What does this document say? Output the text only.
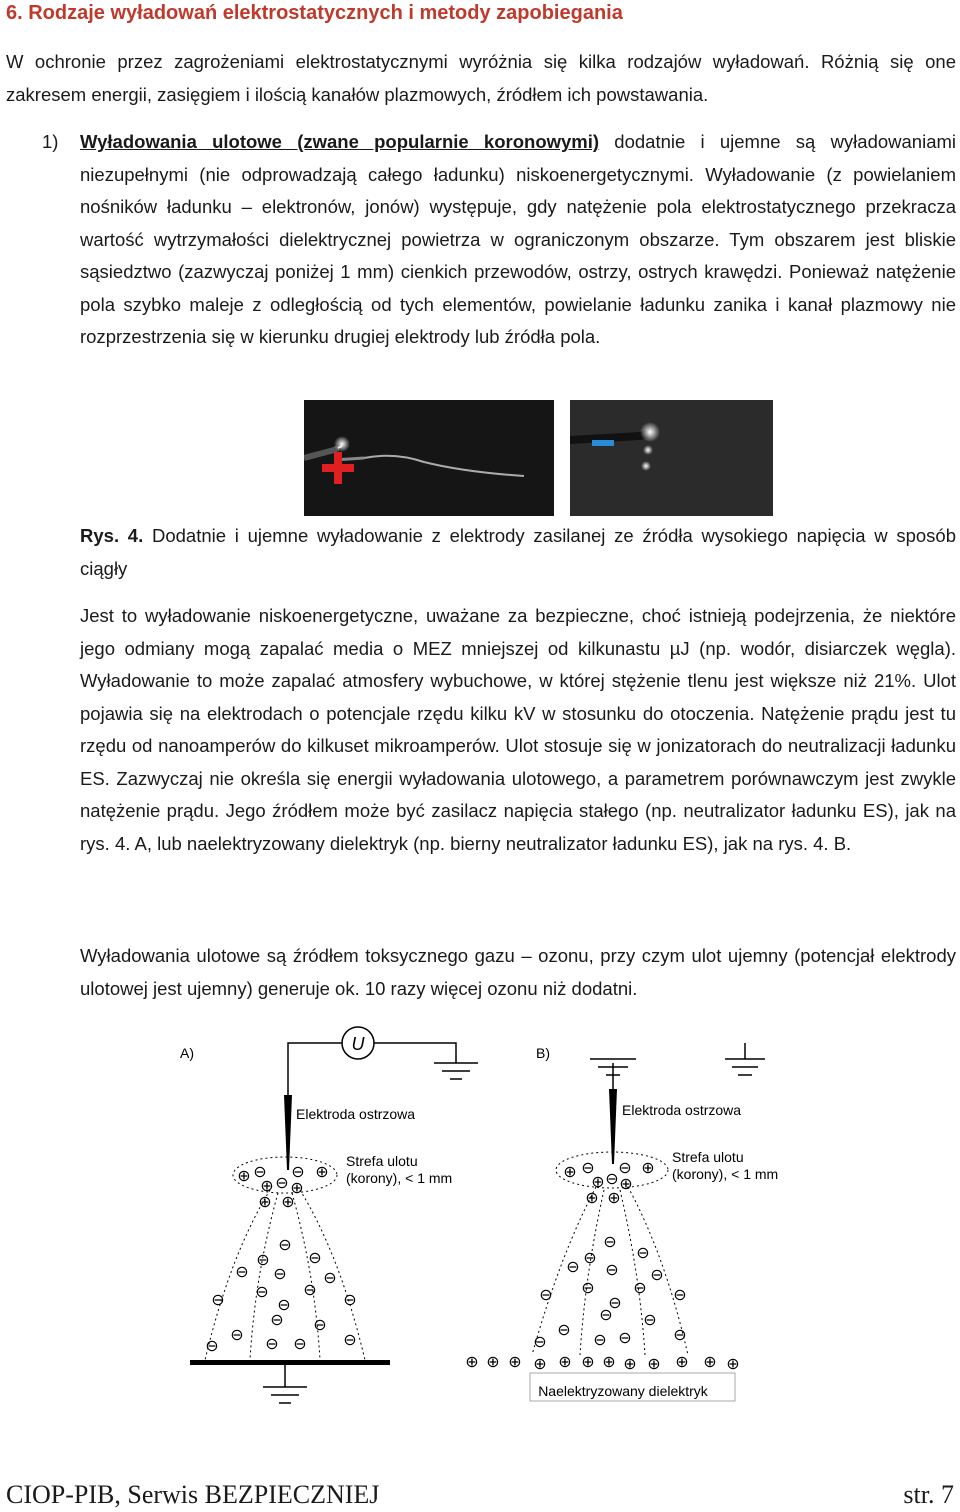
6. Rodzaje wyładowań elektrostatycznych i metody zapobiegania
W ochronie przez zagrożeniami elektrostatycznymi wyróżnia się kilka rodzajów wyładowań. Różnią się one zakresem energii, zasięgiem i ilością kanałów plazmowych, źródłem ich powstawania.
1) Wyładowania ulotowe (zwane popularnie koronowymi) dodatnie i ujemne są wyładowaniami niezupełnymi (nie odprowadzają całego ładunku) niskoenergetycznymi. Wyładowanie (z powielaniem nośników ładunku – elektronów, jonów) występuje, gdy natężenie pola elektrostatycznego przekracza wartość wytrzymałości dielektrycznej powietrza w ograniczonym obszarze. Tym obszarem jest bliskie sąsiedztwo (zazwyczaj poniżej 1 mm) cienkich przewodów, ostrzy, ostrych krawędzi. Ponieważ natężenie pola szybko maleje z odległością od tych elementów, powielanie ładunku zanika i kanał plazmowy nie rozprzestrzenia się w kierunku drugiej elektrody lub źródła pola.
Rys. 4. Dodatnie i ujemne wyładowanie z elektrody zasilanej ze źródła wysokiego napięcia w sposób ciągły
Jest to wyładowanie niskoenergetyczne, uważane za bezpieczne, choć istnieją podejrzenia, że niektóre jego odmiany mogą zapalać media o MEZ mniejszej od kilkunastu µJ (np. wodór, disiarczek węgla). Wyładowanie to może zapalać atmosfery wybuchowe, w której stężenie tlenu jest większe niż 21%. Ulot pojawia się na elektrodach o potencjale rzędu kilku kV w stosunku do otoczenia. Natężenie prądu jest tu rzędu od nanoamperów do kilkuset mikroamperów. Ulot stosuje się w jonizatorach do neutralizacji ładunku ES. Zazwyczaj nie określa się energii wyładowania ulotowego, a parametrem porównawczym jest zwykle natężenie prądu. Jego źródłem może być zasilacz napięcia stałego (np. neutralizator ładunku ES), jak na rys. 4. A, lub naelektryzowany dielektryk (np. bierny neutralizator ładunku ES), jak na rys. 4. B.
Wyładowania ulotowe są źródłem toksycznego gazu – ozonu, przy czym ulot ujemny (potencjał elektrody ulotowej jest ujemny) generuje ok. 10 razy więcej ozonu niż dodatni.
A)	U
Elektroda ostrzowa
Strefa ulotu
(korony), < 1 mm
⊕ ⊖ ⊖ ⊕
⊕ ⊖ ⊕
⊕ ⊕
⊖
⊖ ⊖
⊖ ⊖ ⊖
⊖
⊖
⊖
⊖	⊖
⊖
⊖ ⊖
⊖	⊖ ⊖ ⊖
B)
Elektroda ostrzowa
Strefa ulotu
(korony), < 1 mm
Naelektryzowany dielektryk
⊕ ⊖ ⊖ ⊕
⊕ ⊖ ⊕
⊕ ⊕
⊖
⊖ ⊖
⊖ ⊖ ⊖
⊖
⊖
⊖
⊖	⊖
⊖
⊖ ⊖
⊖	⊖ ⊖	⊖
⊕ ⊕ ⊕ ⊕ ⊕ ⊕ ⊕ ⊕ ⊕ ⊕ ⊕ ⊕
CIOP-PIB, Serwis BEZPIECZNIEJ	str. 7
